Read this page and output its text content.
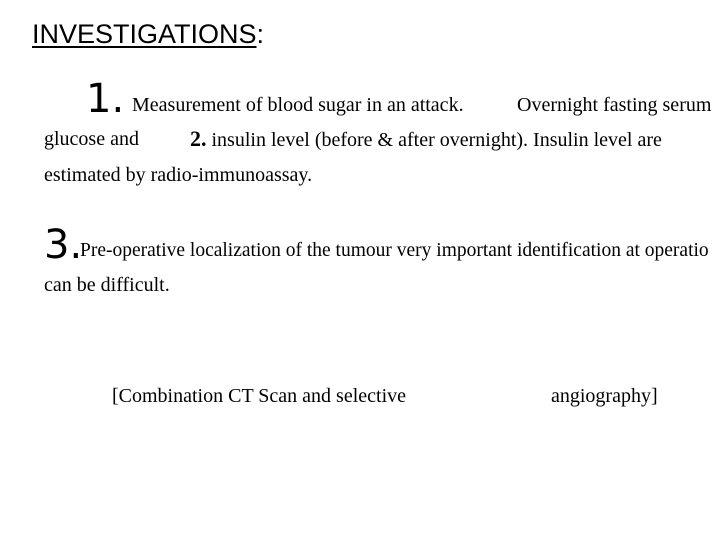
INVESTIGATIONS:
1. Measurement of blood sugar in an attack.	Overnight fasting serum
glucose and 2. insulin level (before & after overnight). Insulin level are
estimated by radio-immunoassay.
3.
Pre-operative localization of the tumour very important identification at operatio
can be difficult.
[Combination CT Scan and selective	angiography]
